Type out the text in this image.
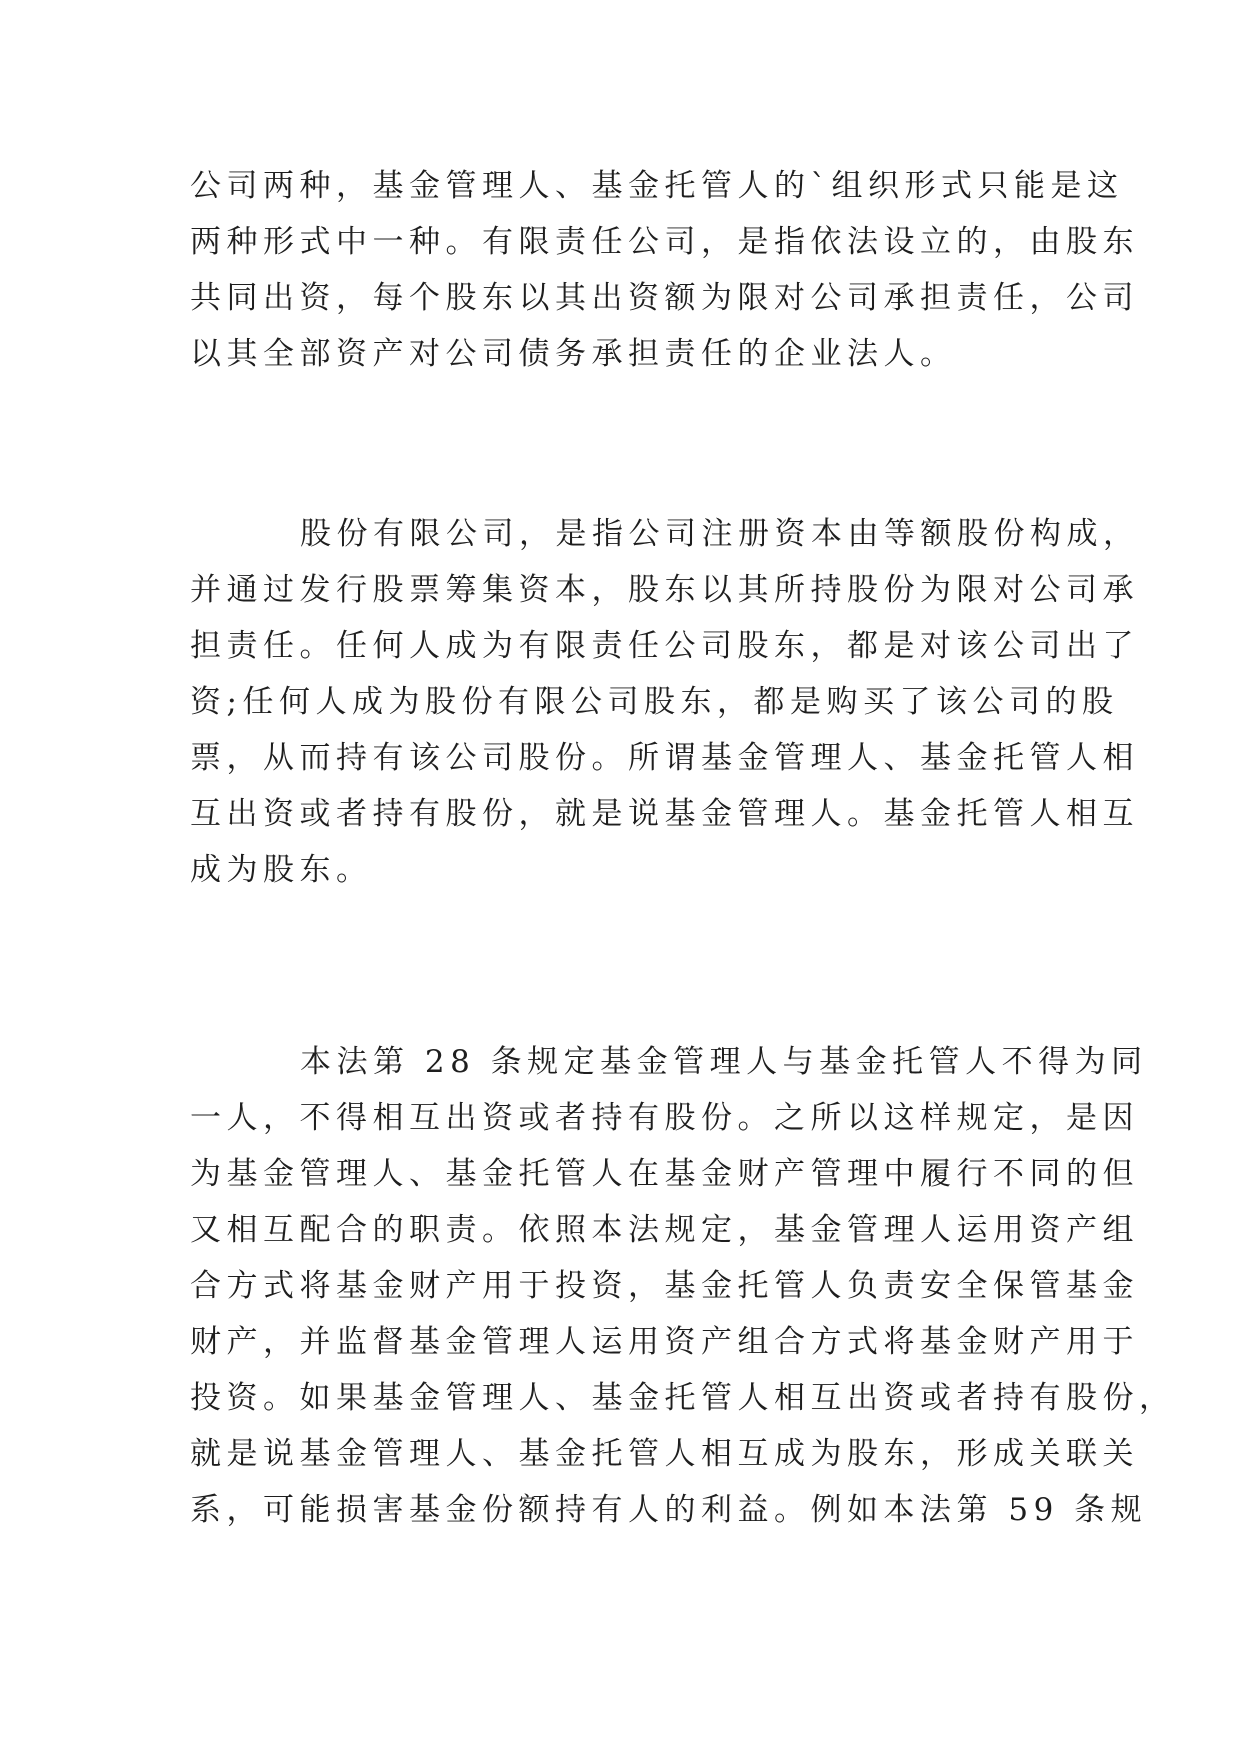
公司两种，基金管理人、基金托管人的`组织形式只能是这
两种形式中一种。有限责任公司，是指依法设立的，由股东
共同出资，每个股东以其出资额为限对公司承担责任，公司
以其全部资产对公司债务承担责任的企业法人。
股份有限公司，是指公司注册资本由等额股份构成，
并通过发行股票筹集资本，股东以其所持股份为限对公司承
担责任。任何人成为有限责任公司股东，都是对该公司出了
资;任何人成为股份有限公司股东，都是购买了该公司的股
票，从而持有该公司股份。所谓基金管理人、基金托管人相
互出资或者持有股份，就是说基金管理人。基金托管人相互
成为股东。
本法第 28 条规定基金管理人与基金托管人不得为同
一人，不得相互出资或者持有股份。之所以这样规定，是因
为基金管理人、基金托管人在基金财产管理中履行不同的但
又相互配合的职责。依照本法规定，基金管理人运用资产组
合方式将基金财产用于投资，基金托管人负责安全保管基金
财产，并监督基金管理人运用资产组合方式将基金财产用于
投资。如果基金管理人、基金托管人相互出资或者持有股份，
就是说基金管理人、基金托管人相互成为股东，形成关联关
系，可能损害基金份额持有人的利益。例如本法第 59 条规
